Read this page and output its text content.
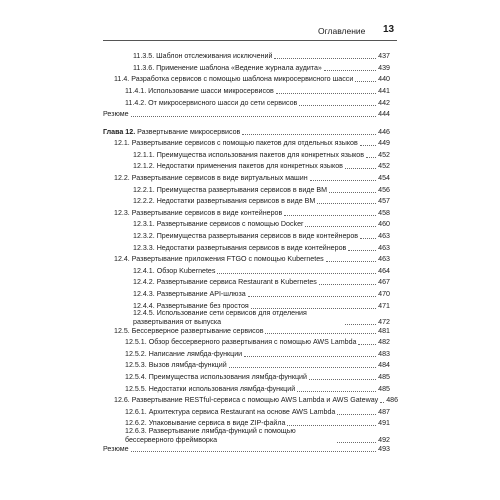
Оглавление 13
11.3.5. Шаблон отслеживания исключений	437
11.3.6. Применение шаблона «Ведение журнала аудита»	439
11.4. Разработка сервисов с помощью шаблона микросервисного шасси	440
11.4.1. Использование шасси микросервисов	441
11.4.2. От микросервисного шасси до сети сервисов	442
Резюме	444
Глава 12. Развертывание микросервисов	446
12.1. Развертывание сервисов с помощью пакетов для отдельных языков	449
12.1.1. Преимущества использования пакетов для конкретных языков 452
12.1.2. Недостатки применения пакетов для конкретных языков	452
12.2. Развертывание сервисов в виде виртуальных машин	454
12.2.1. Преимущества развертывания сервисов в виде ВМ	456
12.2.2. Недостатки развертывания сервисов в виде ВМ	457
12.3. Развертывание сервисов в виде контейнеров	458
12.3.1. Развертывание сервисов с помощью Docker	460
12.3.2. Преимущества развертывания сервисов в виде контейнеров	463
12.3.3. Недостатки развертывания сервисов в виде контейнеров	463
12.4. Развертывание приложения FTGO с помощью Kubernetes	463
12.4.1. Обзор Kubernetes	464
12.4.2. Развертывание сервиса Restaurant в Kubernetes	467
12.4.3. Развертывание API-шлюза	470
12.4.4. Развертывание без простоя	471
12.4.5. Использование сети сервисов для отделения развертывания от выпуска	472
12.5. Бессерверное развертывание сервисов	481
12.5.1. Обзор бессерверного развертывания с помощью AWS Lambda	482
12.5.2. Написание лямбда-функции	483
12.5.3. Вызов лямбда-функций	484
12.5.4. Преимущества использования лямбда-функций	485
12.5.5. Недостатки использования лямбда-функций	485
12.6. Развертывание RESTful-сервиса с помощью AWS Lambda и AWS Gateway 486
12.6.1. Архитектура сервиса Restaurant на основе AWS Lambda	487
12.6.2. Упаковывание сервиса в виде ZIP-файла	491
12.6.3. Развертывание лямбда-функций с помощью бессерверного фреймворка	492
Резюме	493
